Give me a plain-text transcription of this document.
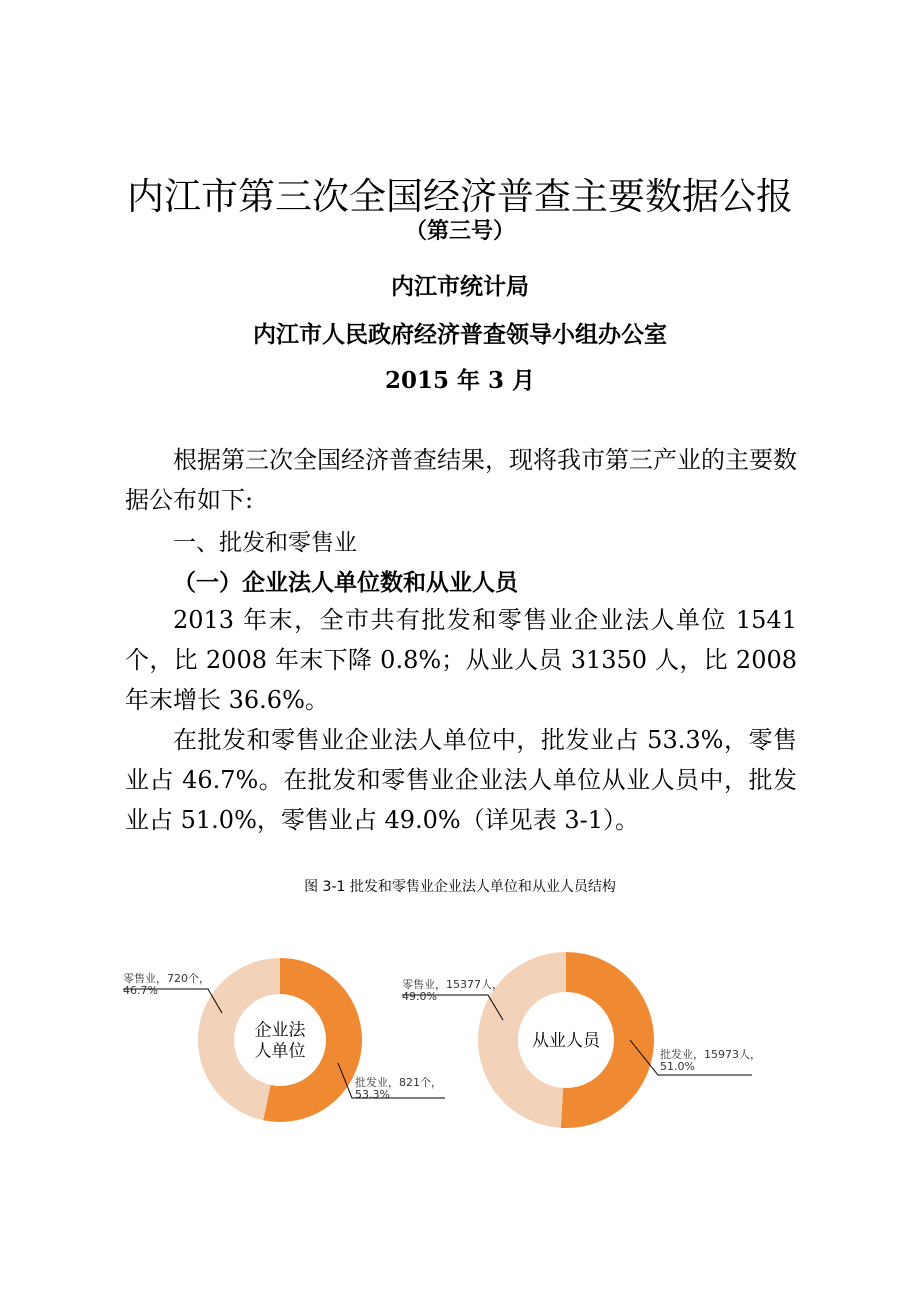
内江市第三次全国经济普查主要数据公报
（第三号）
内江市统计局
内江市人民政府经济普查领导小组办公室
2015 年 3 月
根据第三次全国经济普查结果，现将我市第三产业的主要数据公布如下:
一、批发和零售业
（一）企业法人单位数和从业人员
2013 年末，全市共有批发和零售业企业法人单位 1541 个，比 2008 年末下降 0.8%；从业人员 31350 人，比 2008 年末增长 36.6%。
在批发和零售业企业法人单位中，批发业占 53.3%，零售业占 46.7%。在批发和零售业企业法人单位从业人员中，批发业占 51.0%，零售业占 49.0%（详见表 3-1）。
图 3-1 批发和零售业企业法人单位和从业人员结构
企业法
人单位
批发业，821个，
53.3%
零售业，720个，
46.7%
从业人员
批发业，15973人，
51.0%
零售业，15377人，
49.0%
